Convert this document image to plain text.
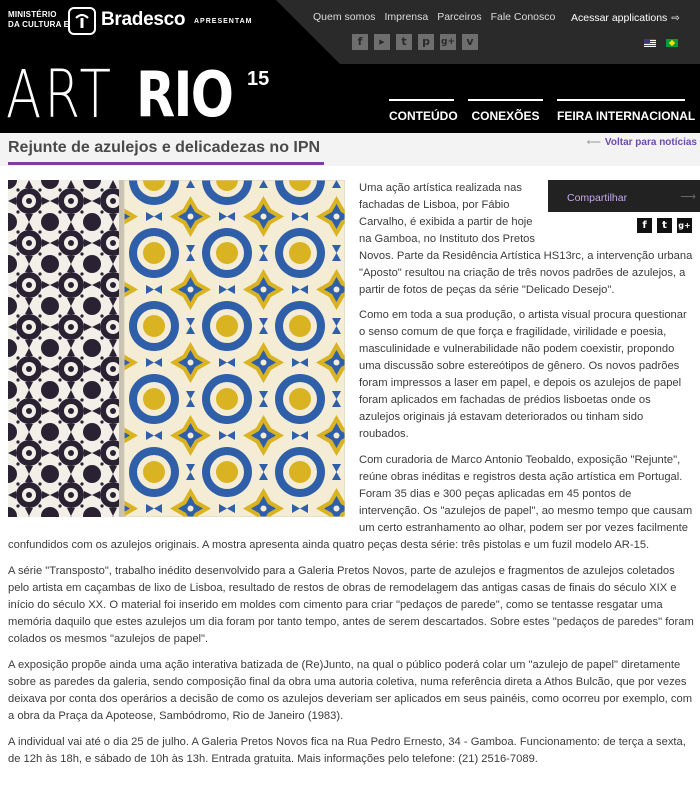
MINISTÉRIO
DA CULTURA E Bradesco APRESENTAM	Quem somos Imprensa Parceiros Fale Conosco Acessar applications ⇨
f	▶	t	p	g+	v
ART RIO 15
CONTEÚDO CONEXÕES FEIRA INTERNACIONAL
Rejunte de azulejos e delicadezas no IPN	⟵ Voltar para notícias
Compartilhar	⟶
f	t	g+

Uma ação artística realizada nas fachadas de Lisboa, por Fábio Carvalho, é exibida a partir de hoje na Gamboa, no Instituto dos Pretos Novos. Parte da Residência Artística HS13rc, a intervenção urbana "Aposto" resultou na criação de três novos padrões de azulejos, a partir de fotos de peças da série "Delicado Desejo".

Como em toda a sua produção, o artista visual procura questionar o senso comum de que força e fragilidade, virilidade e poesia, masculinidade e vulnerabilidade não podem coexistir, propondo uma discussão sobre estereótipos de gênero. Os novos padrões foram impressos a laser em papel, e depois os azulejos de papel foram aplicados em fachadas de prédios lisboetas onde os azulejos originais já estavam deteriorados ou tinham sido roubados.

Com curadoria de Marco Antonio Teobaldo, exposição "Rejunte", reúne obras inéditas e registros desta ação artística em Portugal. Foram 35 dias e 300 peças aplicadas em 45 pontos de intervenção. Os "azulejos de papel", ao mesmo tempo que causam um certo estranhamento ao olhar, podem ser por vezes facilmente confundidos com os azulejos originais. A mostra apresenta ainda quatro peças desta série: três pistolas e um fuzil modelo AR-15.

A série "Transposto", trabalho inédito desenvolvido para a Galeria Pretos Novos, parte de azulejos e fragmentos de azulejos coletados pelo artista em caçambas de lixo de Lisboa, resultado de restos de obras de remodelagem das antigas casas de finais do século XIX e início do século XX. O material foi inserido em moldes com cimento para criar "pedaços de parede", como se tentasse resgatar uma memória daquilo que estes azulejos um dia foram por tanto tempo, antes de serem descartados. Sobre estes "pedaços de paredes" foram colados os mesmos "azulejos de papel".

A exposição propõe ainda uma ação interativa batizada de (Re)Junto, na qual o público poderá colar um "azulejo de papel" diretamente sobre as paredes da galeria, sendo composição final da obra uma autoria coletiva, numa referência direta a Athos Bulcão, que por vezes deixava por conta dos operários a decisão de como os azulejos deveriam ser aplicados em seus painéis, como ocorreu por exemplo, com a obra da Praça da Apoteose, Sambódromo, Rio de Janeiro (1983).

A individual vai até o dia 25 de julho. A Galeria Pretos Novos fica na Rua Pedro Ernesto, 34 - Gamboa. Funcionamento: de terça a sexta, de 12h às 18h, e sábado de 10h às 13h. Entrada gratuita. Mais informações pelo telefone: (21) 2516-7089.
